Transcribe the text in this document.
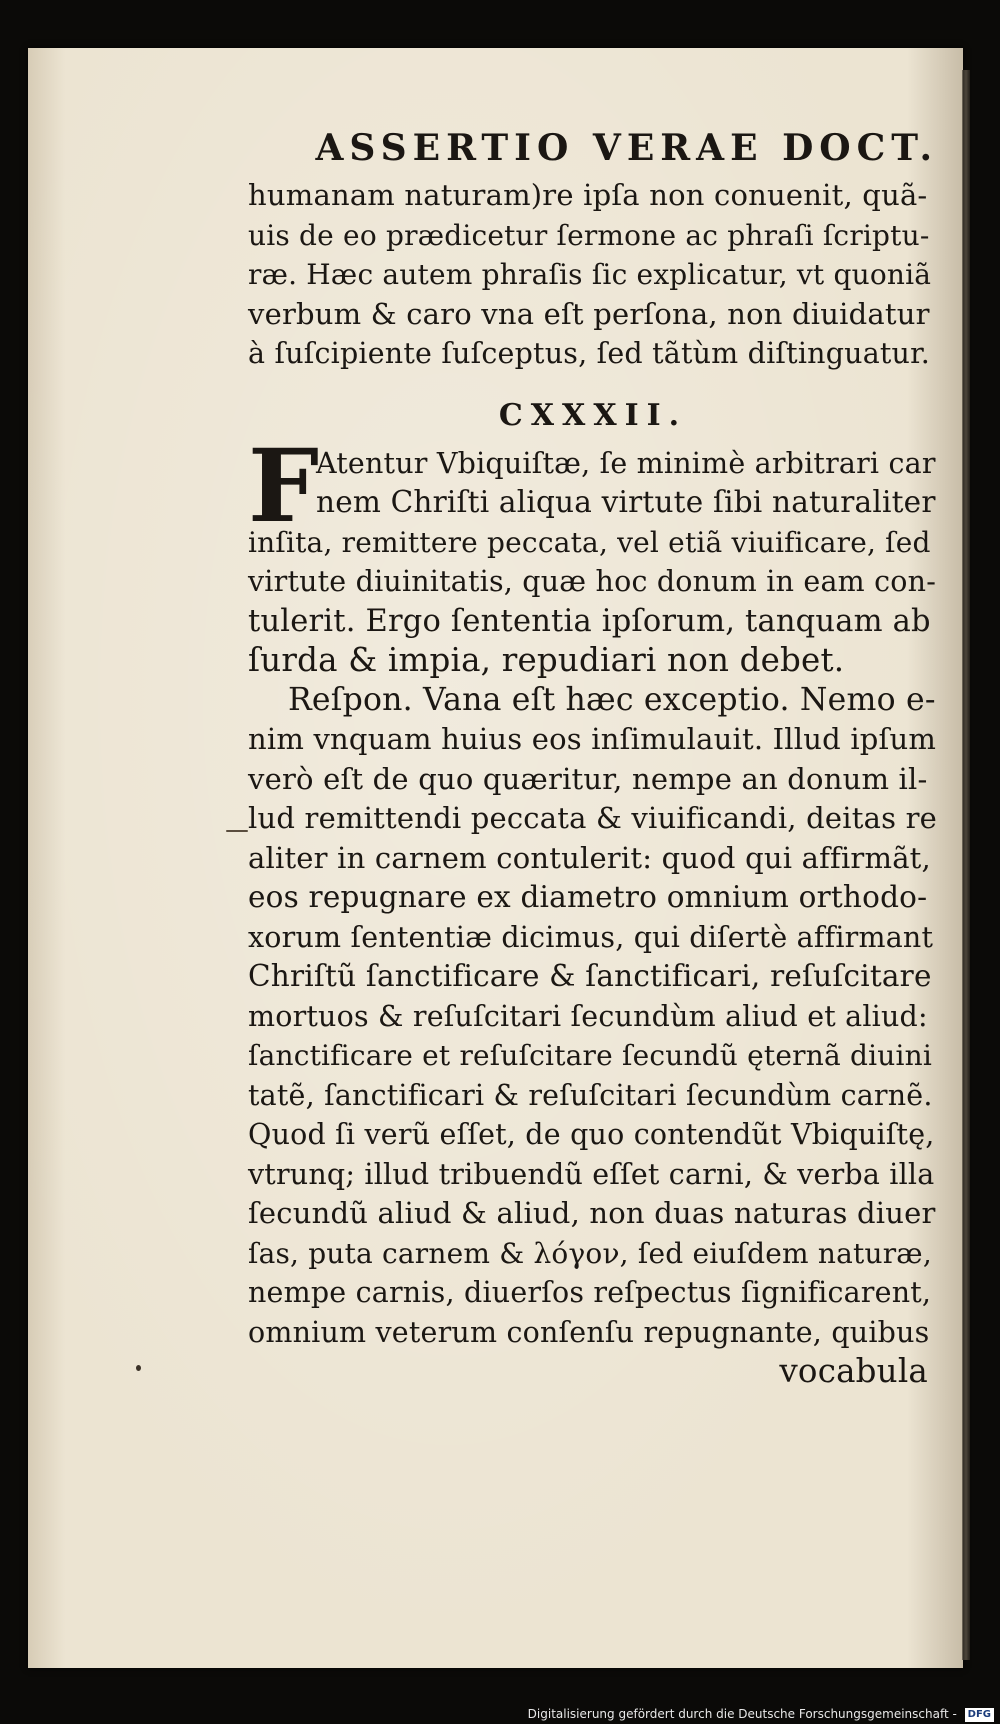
ASSERTIO VERAE DOCT.
humanam naturam)re ipſa non conuenit, quã-
uis de eo prædicetur ſermone ac phraſi ſcriptu-
ræ. Hæc autem phraſis ſic explicatur, vt quoniã
verbum & caro vna eſt perſona, non diuidatur
à ſuſcipiente ſuſceptus, ſed tãtùm diſtinguatur.
CXXXII.
F
Atentur Vbiquiſtæ, ſe minimè arbitrari car
nem Chriſti aliqua virtute ſibi naturaliter
inſita, remittere peccata, vel etiã viuificare, ſed
virtute diuinitatis, quæ hoc donum in eam con-
tulerit. Ergo ſententia ipſorum, tanquam ab
ſurda & impia, repudiari non debet.
Reſpon. Vana eſt hæc exceptio. Nemo e-
nim vnquam huius eos inſimulauit. Illud ipſum
verò eſt de quo quæritur, nempe an donum il-
lud remittendi peccata & viuificandi, deitas re
aliter in carnem contulerit: quod qui affirmãt,
eos repugnare ex diametro omnium orthodo-
xorum ſententiæ dicimus, qui diſertè affirmant
Chriſtũ ſanctificare & ſanctificari, reſuſcitare
mortuos & reſuſcitari ſecundùm aliud et aliud:
ſanctificare et reſuſcitare ſecundũ ęternã diuini
tatẽ, ſanctificari & reſuſcitari ſecundùm carnẽ.
Quod ſi verũ eſſet, de quo contendũt Vbiquiſtę,
vtrunq; illud tribuendũ eſſet carni, & verba illa
ſecundũ aliud & aliud, non duas naturas diuer
ſas, puta carnem & λόγον, ſed eiuſdem naturæ,
nempe carnis, diuerſos reſpectus ſignificarent,
omnium veterum conſenſu repugnante, quibus
vocabula
Digitalisierung gefördert durch die Deutsche Forschungsgemeinschaft - DFG
